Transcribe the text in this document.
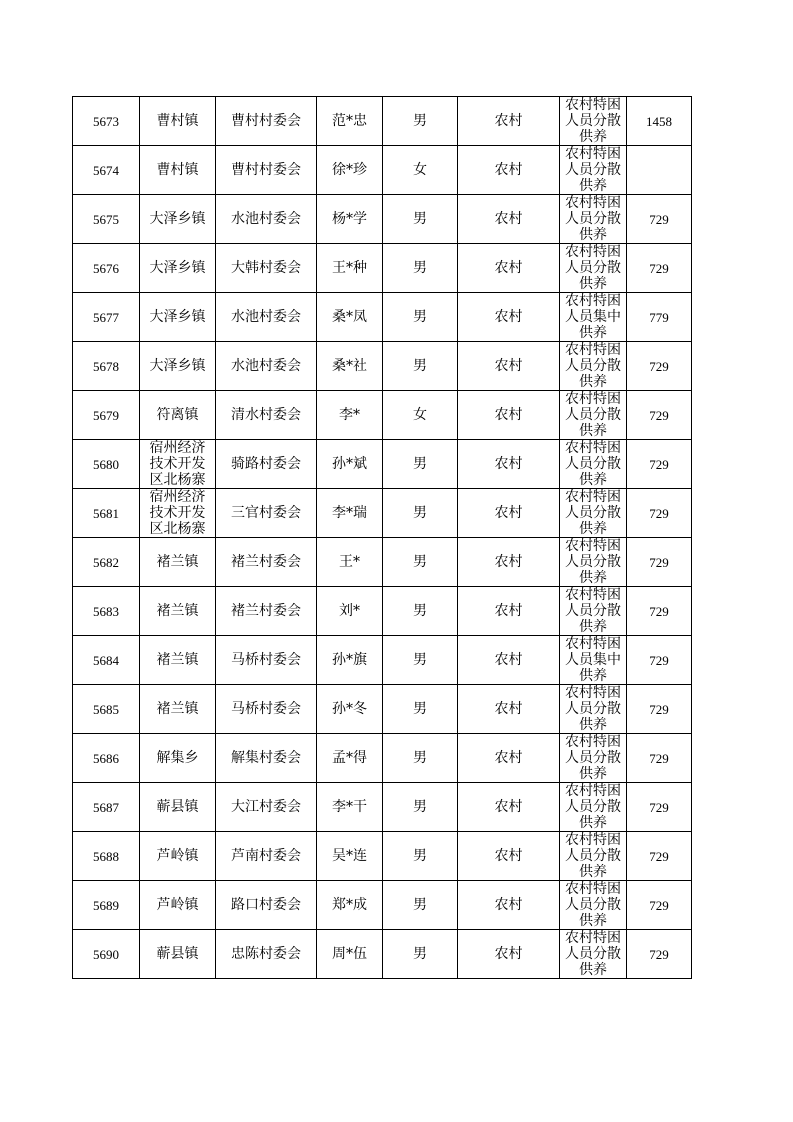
5673	曹村镇	曹村村委会	范*忠	男	农村	农村特困
人员分散
供养	1458
5674	曹村镇	曹村村委会	徐*珍	女	农村	农村特困
人员分散
供养	

5675	大泽乡镇	水池村委会	杨*学	男	农村	农村特困
人员分散
供养	729
5676	大泽乡镇	大韩村委会	王*种	男	农村	农村特困
人员分散
供养	729
5677	大泽乡镇	水池村委会	桑*凤	男	农村	农村特困
人员集中
供养	779
5678	大泽乡镇	水池村委会	桑*社	男	农村	农村特困
人员分散
供养	729
5679	符离镇	清水村委会	李*	女	农村	农村特困
人员分散
供养	729
5680	宿州经济
技术开发
区北杨寨	骑路村委会	孙*斌	男	农村	农村特困
人员分散
供养	729
5681	宿州经济
技术开发
区北杨寨	三官村委会	李*瑞	男	农村	农村特困
人员分散
供养	729
5682	褚兰镇	褚兰村委会	王*	男	农村	农村特困
人员分散
供养	729
5683	褚兰镇	褚兰村委会	刘*	男	农村	农村特困
人员分散
供养	729
5684	褚兰镇	马桥村委会	孙*旗	男	农村	农村特困
人员集中
供养	729
5685	褚兰镇	马桥村委会	孙*冬	男	农村	农村特困
人员分散
供养	729
5686	解集乡	解集村委会	孟*得	男	农村	农村特困
人员分散
供养	729
5687	蕲县镇	大江村委会	李*干	男	农村	农村特困
人员分散
供养	729
5688	芦岭镇	芦南村委会	吴*连	男	农村	农村特困
人员分散
供养	729
5689	芦岭镇	路口村委会	郑*成	男	农村	农村特困
人员分散
供养	729
5690	蕲县镇	忠陈村委会	周*伍	男	农村	农村特困
人员分散
供养	729
